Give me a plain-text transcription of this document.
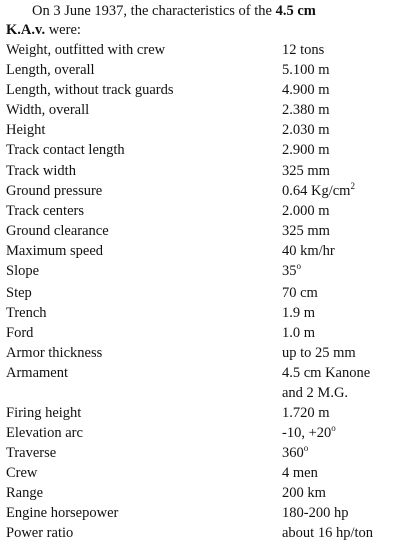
On 3 June 1937, the characteristics of the 4.5 cm
K.A.v. were:
Weight, outfitted with crew	12 tons
Length, overall	5.100 m
Length, without track guards	4.900 m
Width, overall	2.380 m
Height	2.030 m
Track contact length	2.900 m
Track width	325 mm
Ground pressure	0.64 $Kg/cm^2$
Track centers	2.000 m
Ground clearance	325 mm
Maximum speed	40 km/hr
Slope	35$^o$
Step	70 cm
Trench	1.9 m
Ford	1.0 m
Armor thickness	up to 25 mm
Armament	4.5 cm Kanone
and 2 M.G.
Firing height	1.720 m
Elevation arc	-10, $+20^o$
Traverse	360$^o$
Crew	4 men
Range	200 km
Engine horsepower	180-200 hp
Power ratio	about 16 hp/ton
